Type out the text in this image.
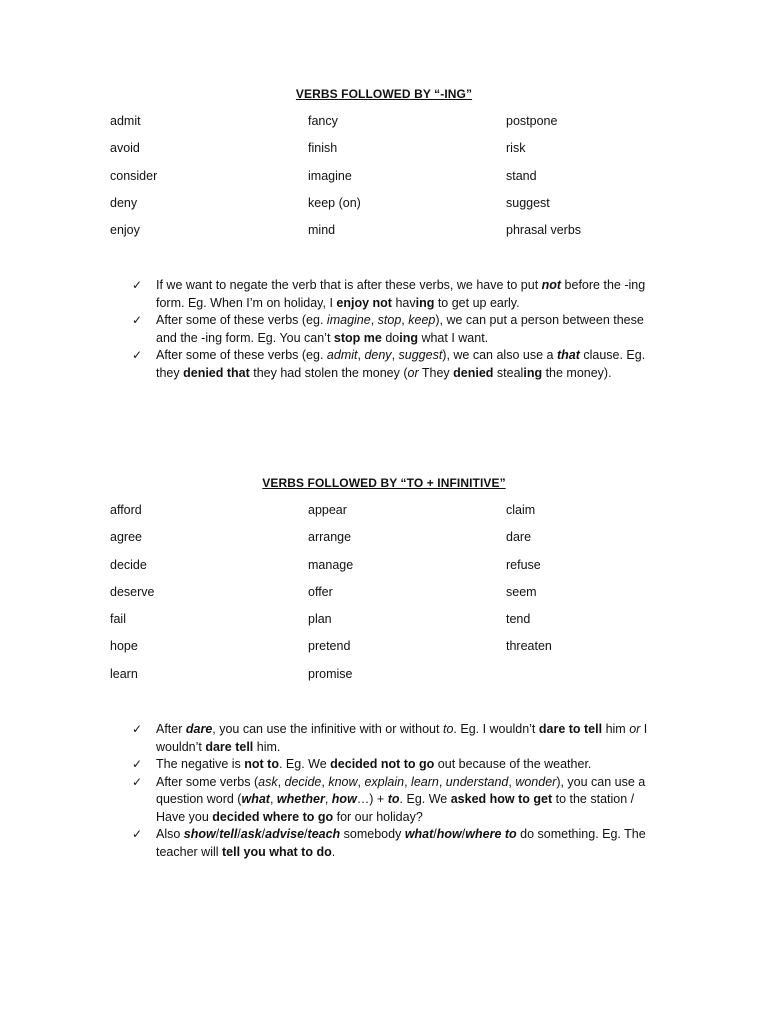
VERBS FOLLOWED BY “-ING”
admit	fancy	postpone
avoid	finish	risk
consider	imagine	stand
deny	keep (on)	suggest
enjoy	mind	phrasal verbs
✓ If we want to negate the verb that is after these verbs, we have to put not before the -ing form. Eg. When I’m on holiday, I enjoy not having to get up early.
✓ After some of these verbs (eg. imagine, stop, keep), we can put a person between these and the -ing form. Eg. You can’t stop me doing what I want.
✓ After some of these verbs (eg. admit, deny, suggest), we can also use a that clause. Eg. they denied that they had stolen the money (or They denied stealing the money).
VERBS FOLLOWED BY “TO + INFINITIVE”
afford	appear	claim
agree	arrange	dare
decide	manage	refuse
deserve	offer	seem
fail	plan	tend
hope	pretend	threaten
learn	promise
✓ After dare, you can use the infinitive with or without to. Eg. I wouldn’t dare to tell him or I wouldn’t dare tell him.
✓ The negative is not to. Eg. We decided not to go out because of the weather.
✓ After some verbs (ask, decide, know, explain, learn, understand, wonder), you can use a question word (what, whether, how…) + to. Eg. We asked how to get to the station / Have you decided where to go for our holiday?
✓ Also show/tell/ask/advise/teach somebody what/how/where to do something. Eg. The teacher will tell you what to do.
